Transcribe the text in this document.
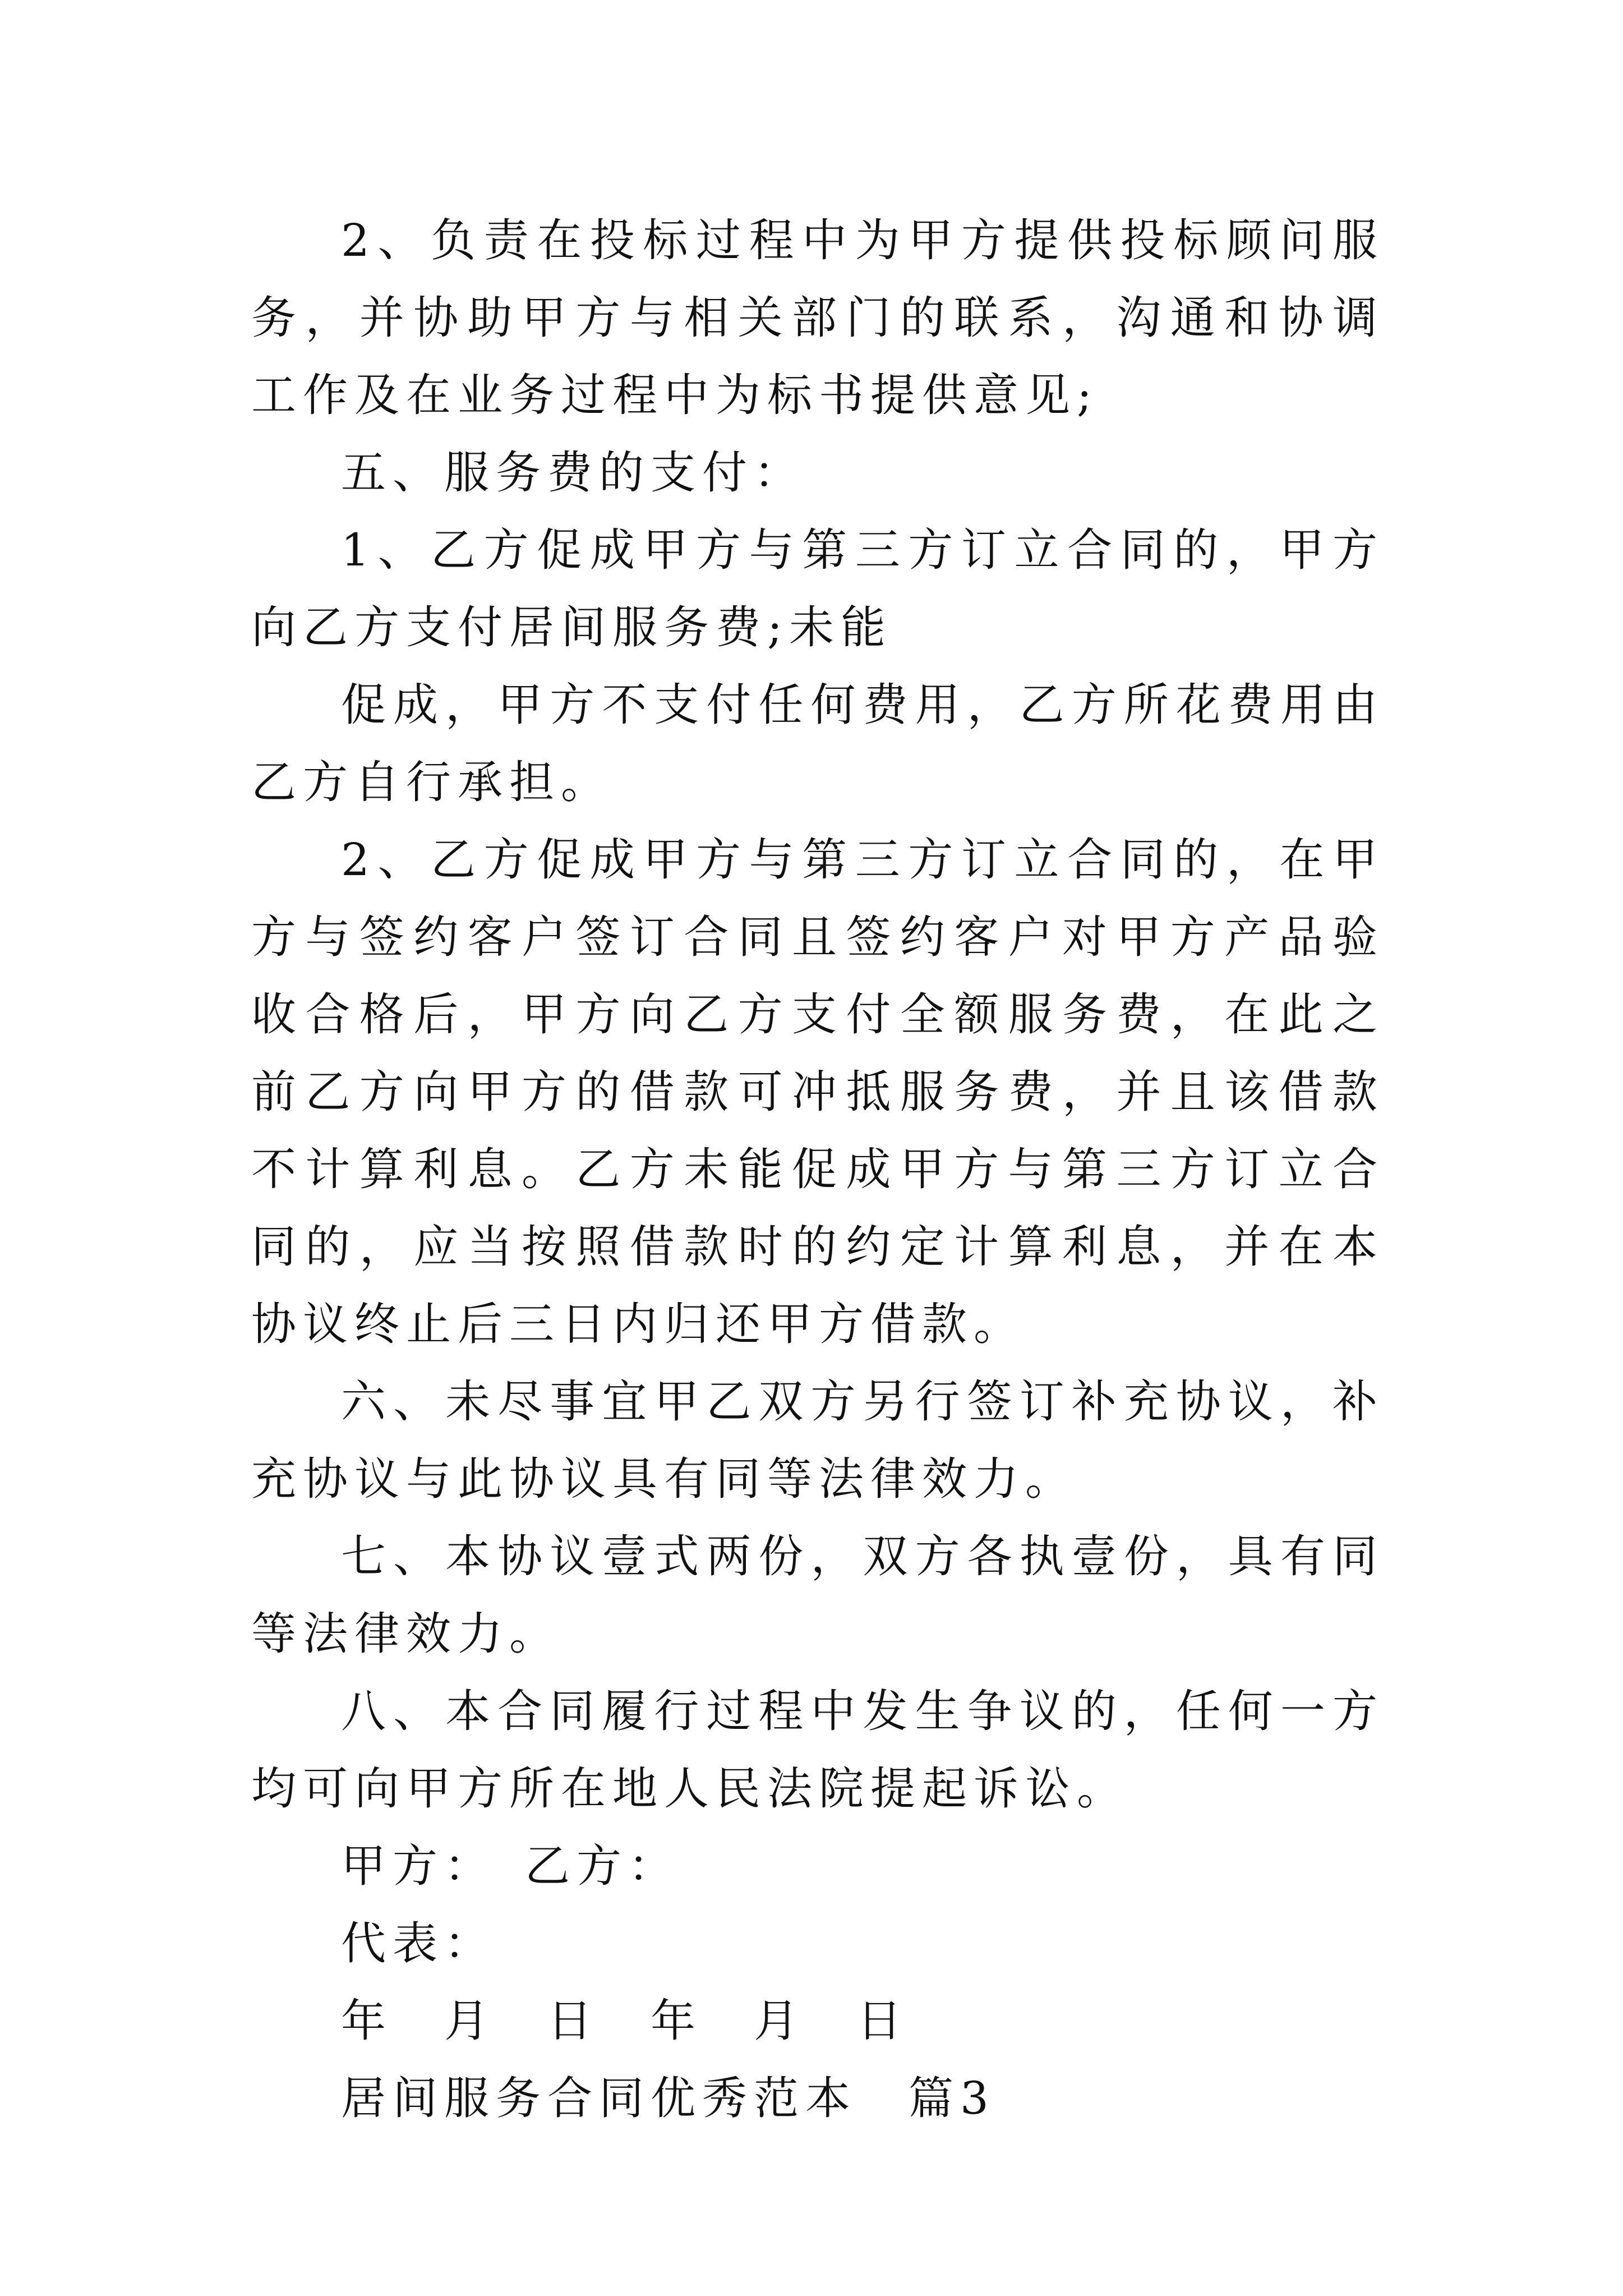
2、负责在投标过程中为甲方提供投标顾问服务，并协助甲方与相关部门的联系，沟通和协调工作及在业务过程中为标书提供意见;

五、服务费的支付：

1、乙方促成甲方与第三方订立合同的，甲方向乙方支付居间服务费;未能

促成，甲方不支付任何费用，乙方所花费用由乙方自行承担。

2、乙方促成甲方与第三方订立合同的，在甲方与签约客户签订合同且签约客户对甲方产品验收合格后，甲方向乙方支付全额服务费，在此之前乙方向甲方的借款可冲抵服务费，并且该借款不计算利息。乙方未能促成甲方与第三方订立合同的，应当按照借款时的约定计算利息，并在本协议终止后三日内归还甲方借款。

六、未尽事宜甲乙双方另行签订补充协议，补充协议与此协议具有同等法律效力。

七、本协议壹式两份，双方各执壹份，具有同等法律效力。

八、本合同履行过程中发生争议的，任何一方均可向甲方所在地人民法院提起诉讼。

甲方：　乙方：

代表：

年　月　日　年　月　日

居间服务合同优秀范本　篇3
